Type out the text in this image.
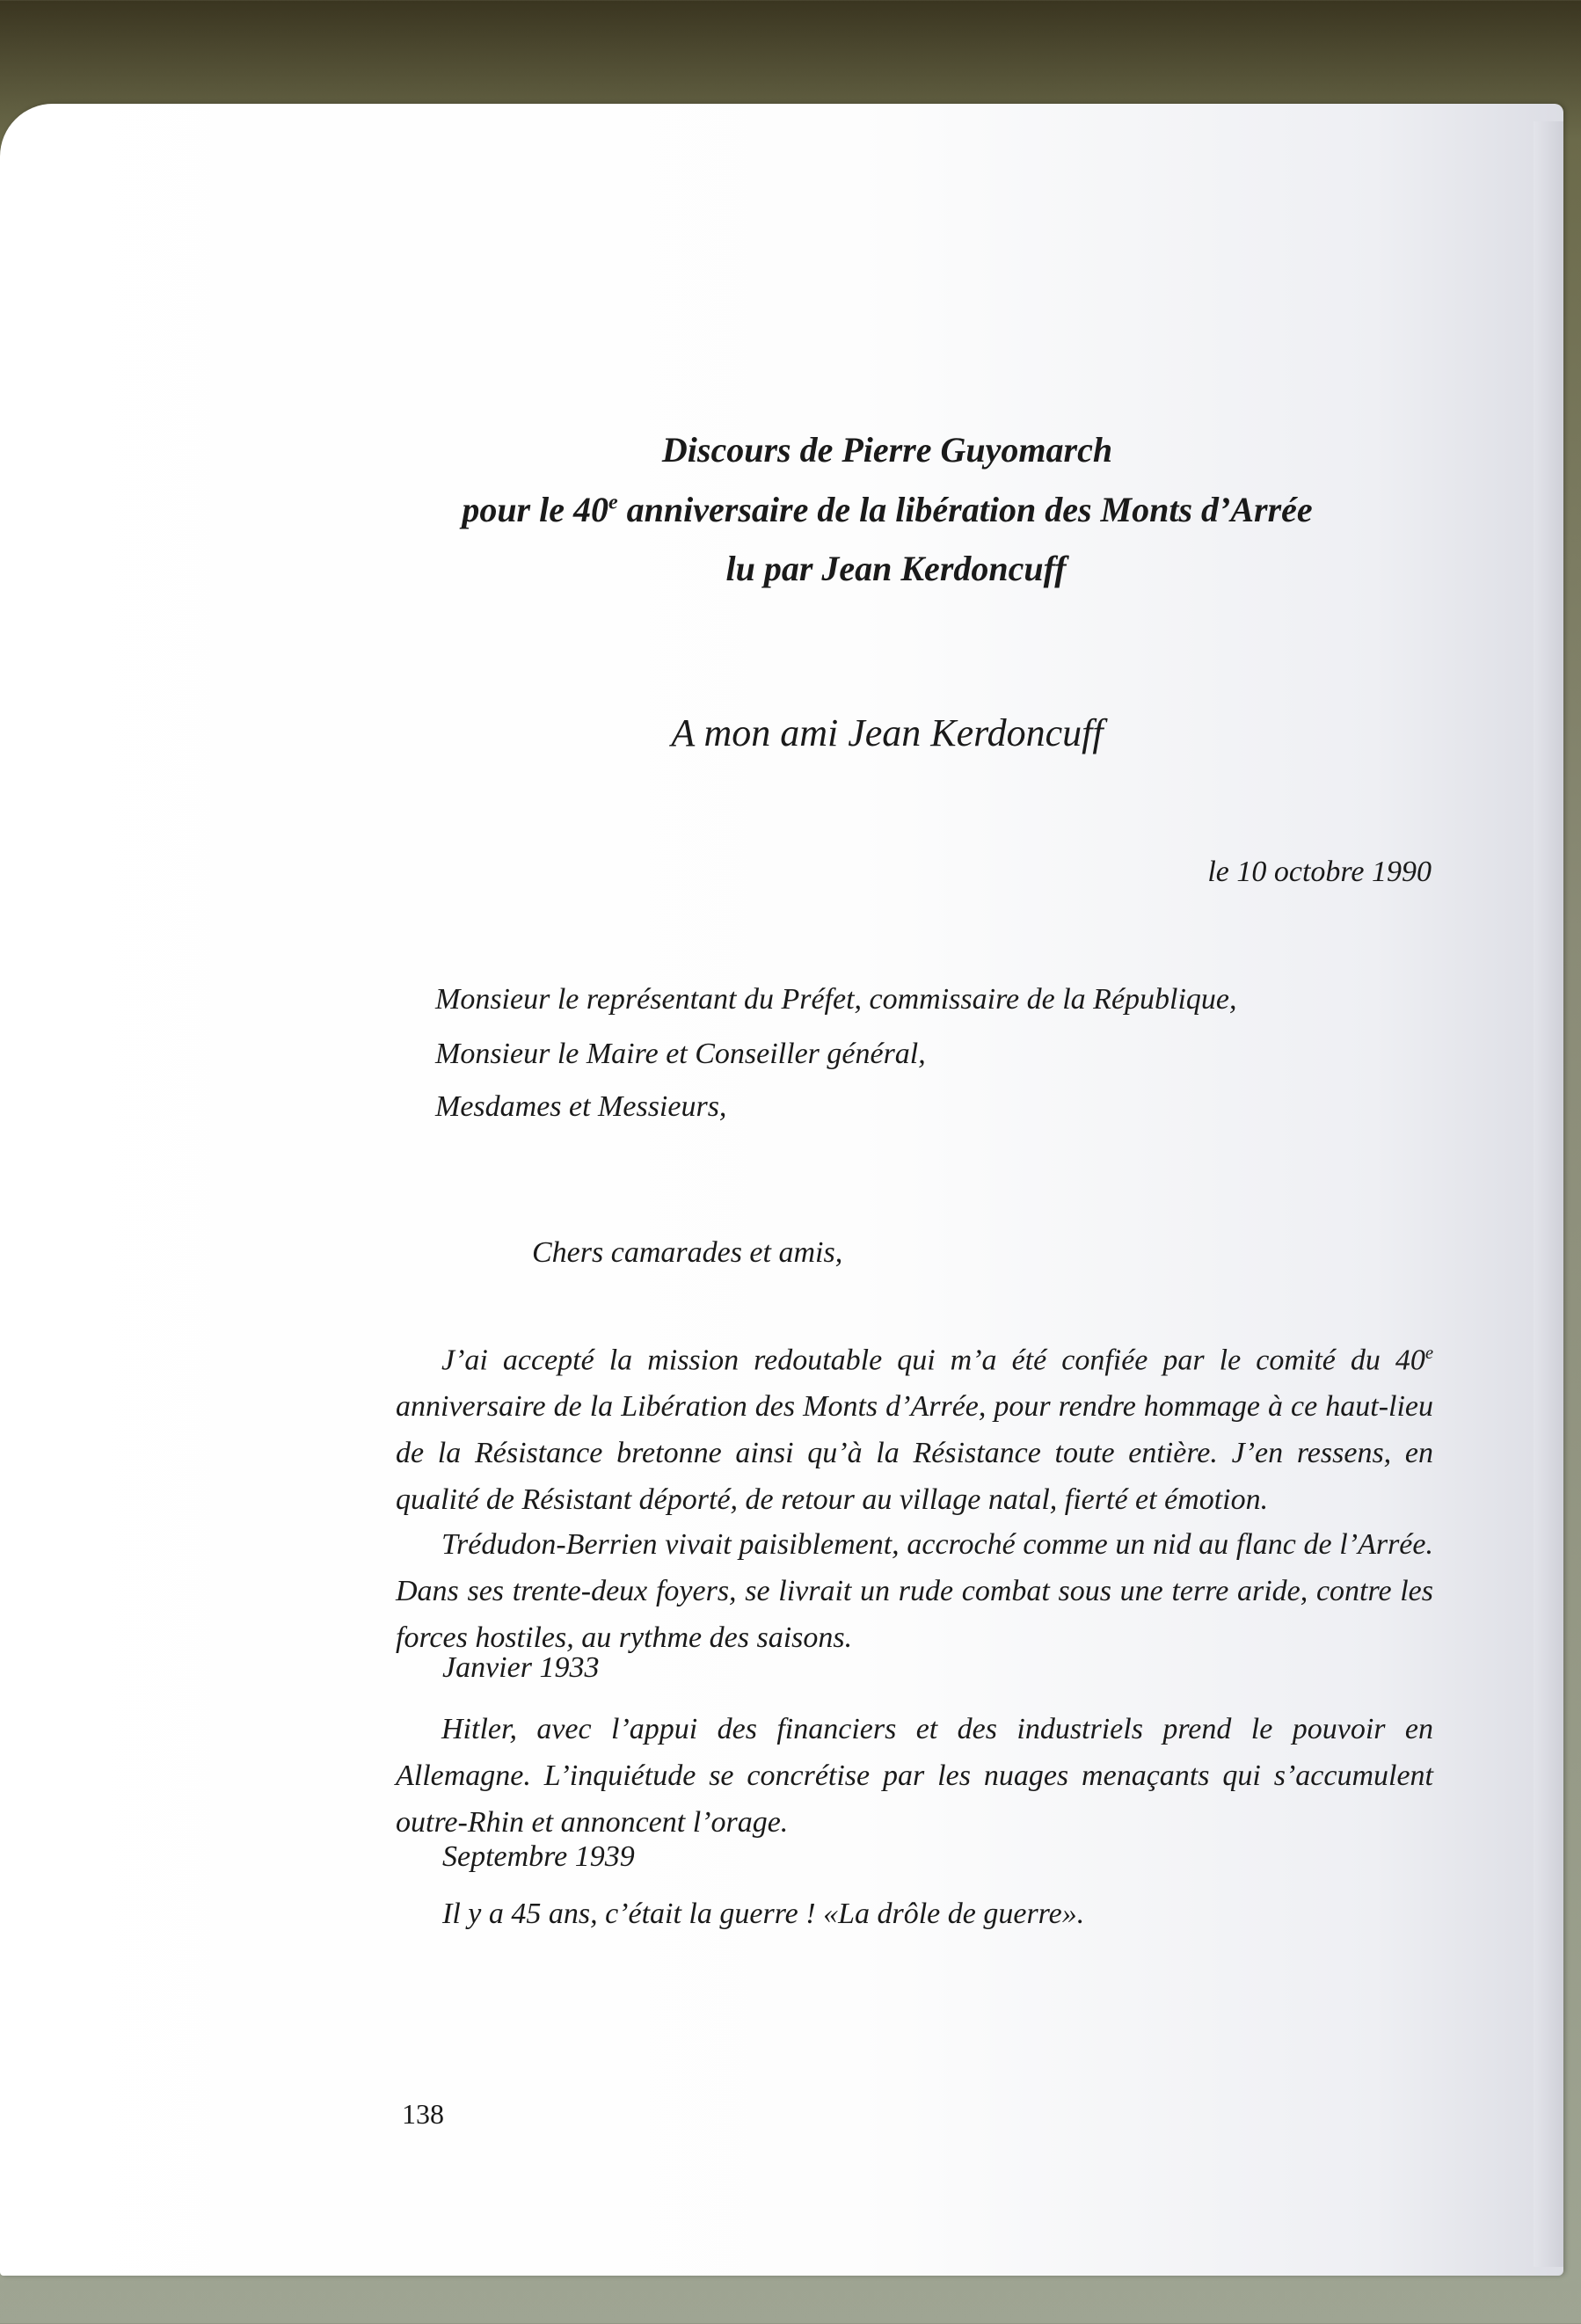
Discours de Pierre Guyomarch
pour le 40e anniversaire de la libération des Monts d’Arrée
lu par Jean Kerdoncuff
A mon ami Jean Kerdoncuff
le 10 octobre 1990
Monsieur le représentant du Préfet, commissaire de la République,
Monsieur le Maire et Conseiller général,
Mesdames et Messieurs,
Chers camarades et amis,

J’ai accepté la mission redoutable qui m’a été confiée par le comité du 40e anniversaire de la Libération des Monts d’Arrée, pour rendre hommage à ce haut-lieu de la Résistance bretonne ainsi qu’à la Résistance toute entière. J’en ressens, en qualité de Résistant déporté, de retour au village natal, fierté et émotion.

Trédudon-Berrien vivait paisiblement, accroché comme un nid au flanc de l’Arrée. Dans ses trente-deux foyers, se livrait un rude combat sous une terre aride, contre les forces hostiles, au rythme des saisons.

Janvier 1933

Hitler, avec l’appui des financiers et des industriels prend le pouvoir en Allemagne. L’inquiétude se concrétise par les nuages menaçants qui s’accumulent outre-Rhin et annoncent l’orage.

Septembre 1939
Il y a 45 ans, c’était la guerre ! «La drôle de guerre».
138
